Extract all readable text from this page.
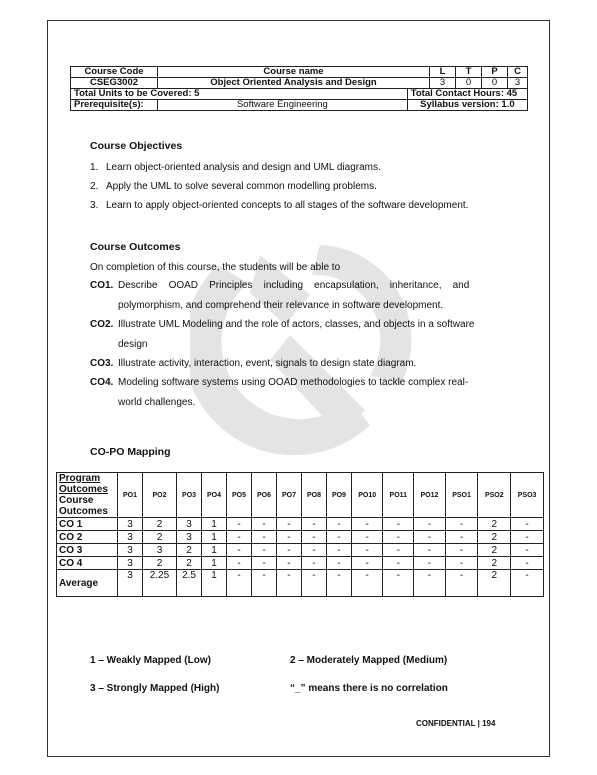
Course Code	Course name		L	T	P	C
CSEG3002	Object Oriented Analysis and Design		3	0	0	3
Total Units to be Covered: 5		Total Contact Hours: 45				
Prerequisite(s):	Software Engineering	Syllabus version: 1.0				
Course Objectives
1. Learn object-oriented analysis and design and UML diagrams.
2. Apply the UML to solve several common modelling problems.
3. Learn to apply object-oriented concepts to all stages of the software development.
Course Outcomes
On completion of this course, the students will be able to
CO1. Describe    OOAD    Principles    including    encapsulation,    inheritance,    and
polymorphism, and comprehend their relevance in software development.
CO2. Illustrate UML Modeling and the role of actors, classes, and objects in a software
design
CO3. Illustrate activity, interaction, event, signals to design state diagram.
CO4. Modeling software systems using OOAD methodologies to tackle complex real-
world challenges.
CO-PO Mapping
Program Outcomes
Course Outcomes	PO1	PO2	PO3	PO4	PO5	PO6	PO7	PO8	PO9	PO10	PO11	PO12	PSO1	PSO2	PSO3
CO 1	3	2	3	1	-	-	-	-	-	-	-	-	-	2	-
CO 2	3	2	3	1	-	-	-	-	-	-	-	-	-	2	-
CO 3	3	3	2	1	-	-	-	-	-	-	-	-	-	2	-
CO 4	3	2	2	1	-	-	-	-	-	-	-	-	-	2	-
Average	3	2.25	2.5	1	-	-	-	-	-	-	-	-	-	2	-
1 – Weakly Mapped (Low)	2 – Moderately Mapped (Medium)
3 – Strongly Mapped (High)	“_” means there is no correlation
CONFIDENTIAL | 194
